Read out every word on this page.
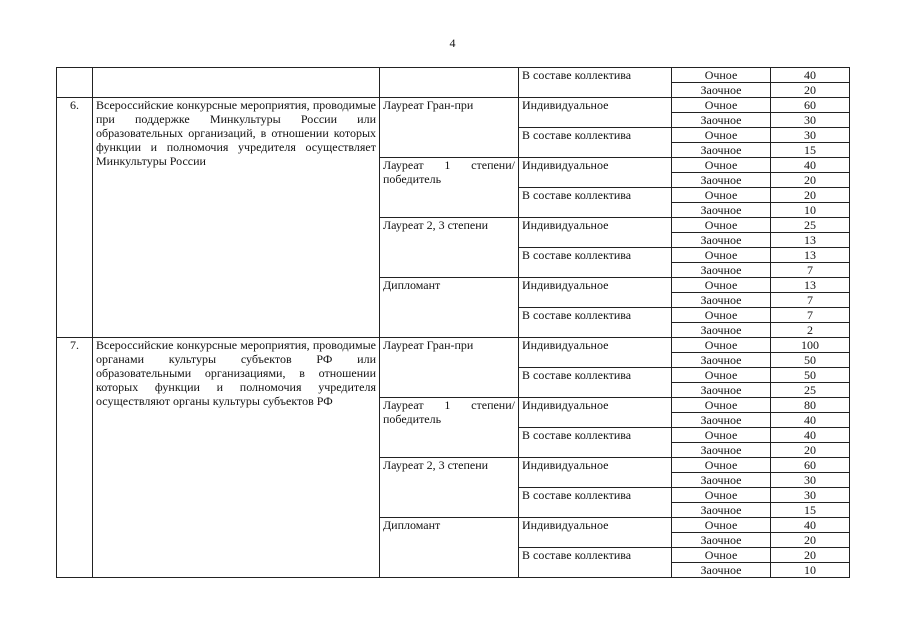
4
			В составе коллектива	Очное	40
				Заочное	20
6.	Всероссийские конкурсные мероприятия, проводимые при поддержке Минкультуры России или образовательных организаций, в отношении которых функции и полномочия учредителя осуществляет Минкультуры России	Лауреат Гран-при	Индивидуальное	Очное	60
				Заочное	30
			В составе коллектива	Очное	30
				Заочное	15
		Лауреат 1 степени/ победитель	Индивидуальное	Очное	40
				Заочное	20
			В составе коллектива	Очное	20
				Заочное	10
		Лауреат 2, 3 степени	Индивидуальное	Очное	25
				Заочное	13
			В составе коллектива	Очное	13
				Заочное	7
		Дипломант	Индивидуальное	Очное	13
				Заочное	7
			В составе коллектива	Очное	7
				Заочное	2
7.	Всероссийские конкурсные мероприятия, проводимые органами культуры субъектов РФ или образовательными организациями, в отношении которых функции и полномочия учредителя осуществляют органы культуры субъектов РФ	Лауреат Гран-при	Индивидуальное	Очное	100
				Заочное	50
			В составе коллектива	Очное	50
				Заочное	25
		Лауреат 1 степени/ победитель	Индивидуальное	Очное	80
				Заочное	40
			В составе коллектива	Очное	40
				Заочное	20
		Лауреат 2, 3 степени	Индивидуальное	Очное	60
				Заочное	30
			В составе коллектива	Очное	30
				Заочное	15
		Дипломант	Индивидуальное	Очное	40
				Заочное	20
			В составе коллектива	Очное	20
				Заочное	10
